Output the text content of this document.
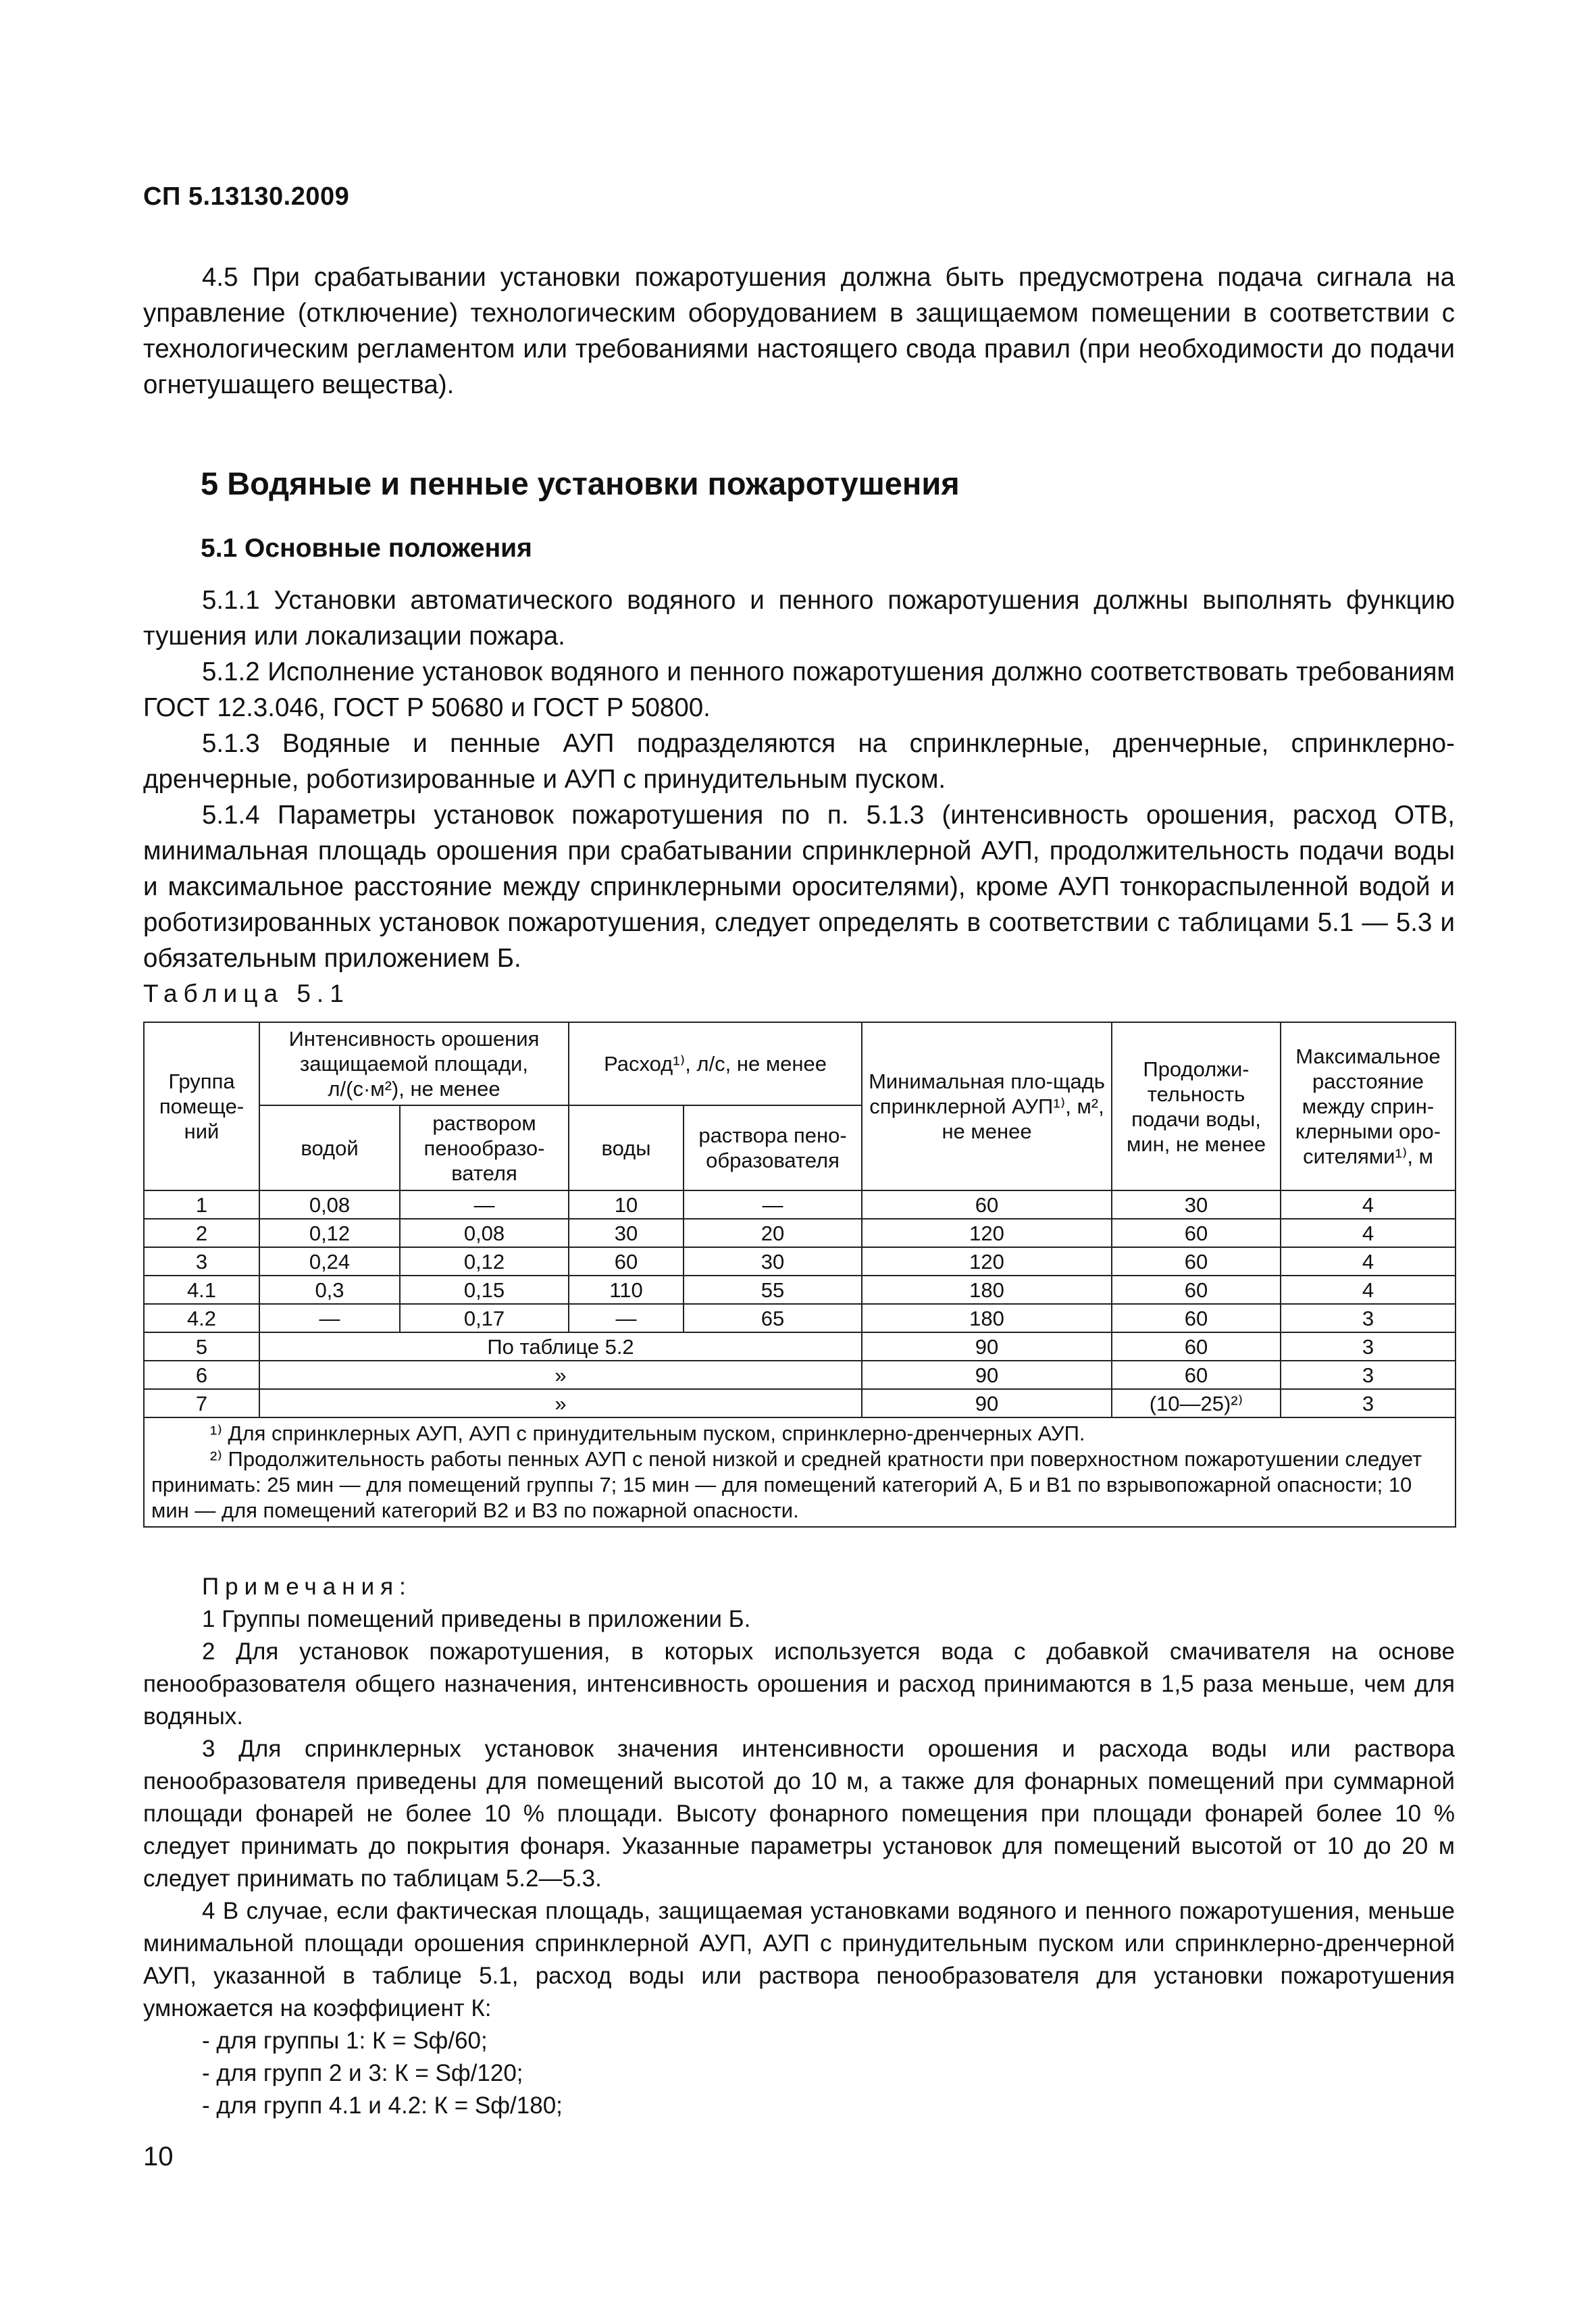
СП 5.13130.2009

4.5 При срабатывании установки пожаротушения должна быть предусмотрена подача сигнала на управление (отключение) технологическим оборудованием в защищаемом помещении в соответствии с технологическим регламентом или требованиями настоящего свода правил (при необходимости до подачи огнетушащего вещества).

5 Водяные и пенные установки пожаротушения
5.1 Основные положения

5.1.1 Установки автоматического водяного и пенного пожаротушения должны выполнять функцию тушения или локализации пожара.

5.1.2 Исполнение установок водяного и пенного пожаротушения должно соответствовать требованиям ГОСТ 12.3.046, ГОСТ Р 50680 и ГОСТ Р 50800.

5.1.3 Водяные и пенные АУП подразделяются на спринклерные, дренчерные, спринклерно-дренчерные, роботизированные и АУП с принудительным пуском.

5.1.4 Параметры установок пожаротушения по п. 5.1.3 (интенсивность орошения, расход ОТВ, минимальная площадь орошения при срабатывании спринклерной АУП, продолжительность подачи воды и максимальное расстояние между спринклерными оросителями), кроме АУП тонкораспыленной водой и роботизированных установок пожаротушения, следует определять в соответствии с таблицами 5.1 — 5.3 и обязательным приложением Б.

Таблица 5.1
Группа помеще-ний	Интенсивность орошения защищаемой площади, л/(с·м²), не менее		Расход¹⁾, л/с, не менее		Минимальная пло-щадь спринклерной АУП¹⁾, м², не менее	Продолжи-тельность подачи воды, мин, не менее	Максимальное расстояние между сприн-клерными оро-сителями¹⁾, м
	водой	раствором пенообразо-вателя	воды	раствора пено-образователя			
1	0,08	—	10	—	60	30	4
2	0,12	0,08	30	20	120	60	4
3	0,24	0,12	60	30	120	60	4
4.1	0,3	0,15	110	55	180	60	4
4.2	—	0,17	—	65	180	60	3
5	По таблице 5.2				90	60	3
6	»				90	60	3
7	»				90	(10—25)²⁾	3

¹⁾ Для спринклерных АУП, АУП с принудительным пуском, спринклерно-дренчерных АУП.
²⁾ Продолжительность работы пенных АУП с пеной низкой и средней кратности при поверхностном пожаротушении следует принимать: 25 мин — для помещений группы 7; 15 мин — для помещений категорий А, Б и В1 по взрывопожарной опасности; 10 мин — для помещений категорий В2 и В3 по пожарной опасности.							

Примечания:

1 Группы помещений приведены в приложении Б.

2 Для установок пожаротушения, в которых используется вода с добавкой смачивателя на основе пенообразователя общего назначения, интенсивность орошения и расход принимаются в 1,5 раза меньше, чем для водяных.

3 Для спринклерных установок значения интенсивности орошения и расхода воды или раствора пенообразователя приведены для помещений высотой до 10 м, а также для фонарных помещений при суммарной площади фонарей не более 10 % площади. Высоту фонарного помещения при площади фонарей более 10 % следует принимать до покрытия фонаря. Указанные параметры установок для помещений высотой от 10 до 20 м следует принимать по таблицам 5.2—5.3.

4 В случае, если фактическая площадь, защищаемая установками водяного и пенного пожаротушения, меньше минимальной площади орошения спринклерной АУП, АУП с принудительным пуском или спринклерно-дренчерной АУП, указанной в таблице 5.1, расход воды или раствора пенообразователя для установки пожаротушения умножается на коэффициент К:

- для группы 1: К = Sф/60;

- для групп 2 и 3: К = Sф/120;

- для групп 4.1 и 4.2: К = Sф/180;

10
